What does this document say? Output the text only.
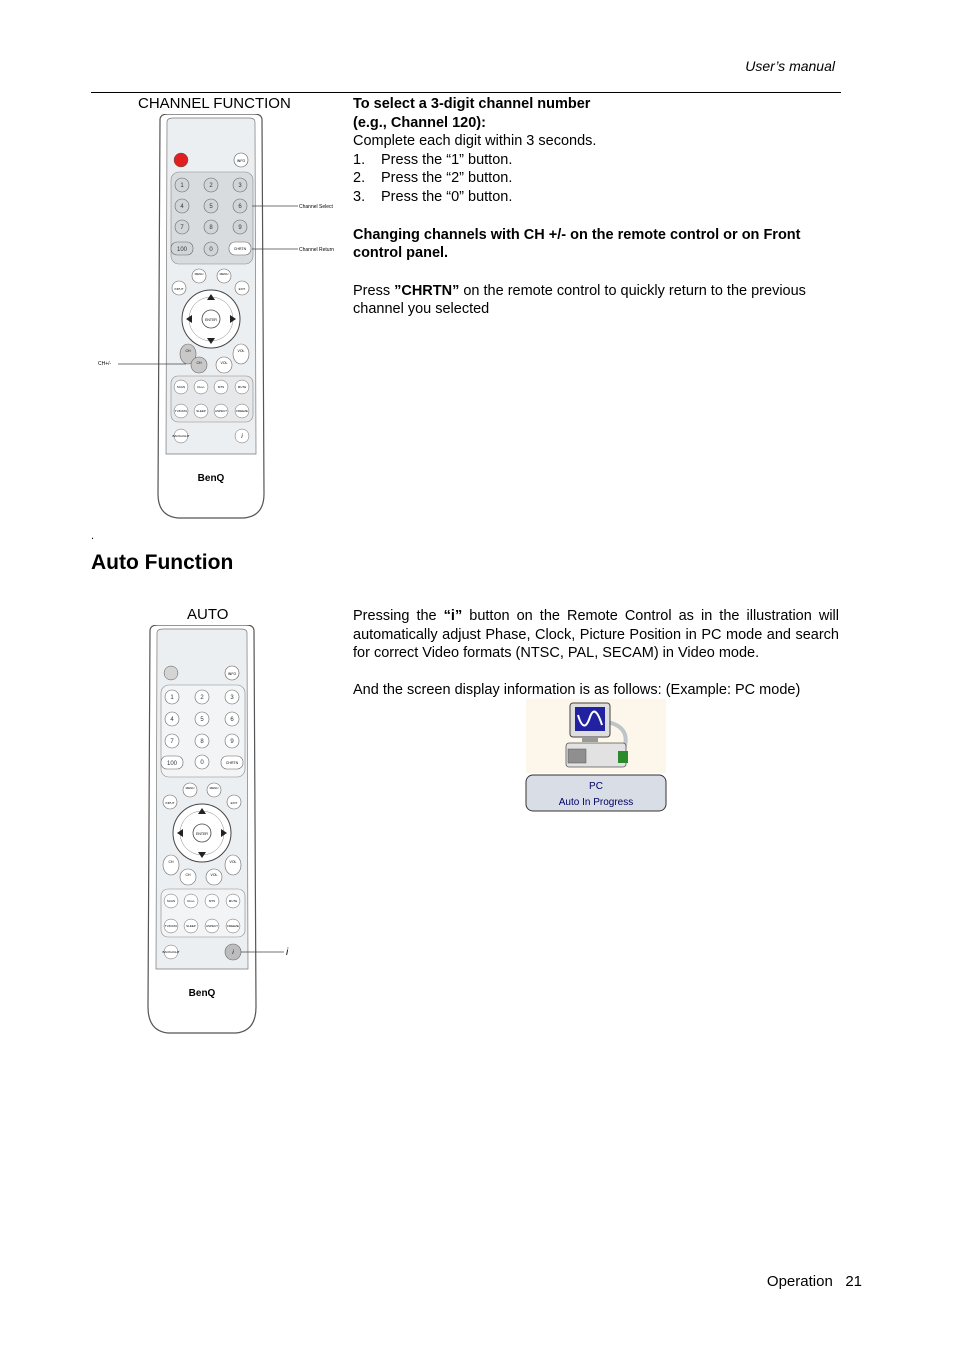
User’s manual
CHANNEL FUNCTION
INFO
1	2	3
4	5	6
7	8	9
100	0	CHRTN
MENU	MENU
INPUT	EXIT
ENTER
CH
CH	VOL
VOL
SCAN	CH+/-	MTS	MUTE
TV/DATA	SLEEP	ASPECT	FREEZE
BACKLIGHT	i
BenQ
Channel Select
Channel Return
CH+/-
To select a 3-digit channel number
(e.g., Channel 120):
Complete each digit within 3 seconds.
1.	Press the “1” button.
2.	Press the “2” button.
3.	Press the “0” button.
Changing channels with CH +/- on the remote control or on Front control panel.
Press ”CHRTN” on the remote control to quickly return to the previous channel you selected
.
Auto Function
AUTO
INFO
1	2	3
4	5	6
7	8	9
100	0	CHRTN
MENU	MENU
INPUT	EXIT
ENTER
CH
CH	VOL
VOL
SCAN	CH+/-	MTS	MUTE
TV/DATA	SLEEP	ASPECT	FREEZE
BACKLIGHT	i
BenQ
i
Pressing the “i” button on the Remote Control as in the illustration will automatically adjust Phase, Clock, Picture Position in PC mode and search for correct Video formats (NTSC, PAL, SECAM) in Video mode.
And the screen display information is as follows: (Example: PC mode)
PC
Auto In Progress
Operation 21
